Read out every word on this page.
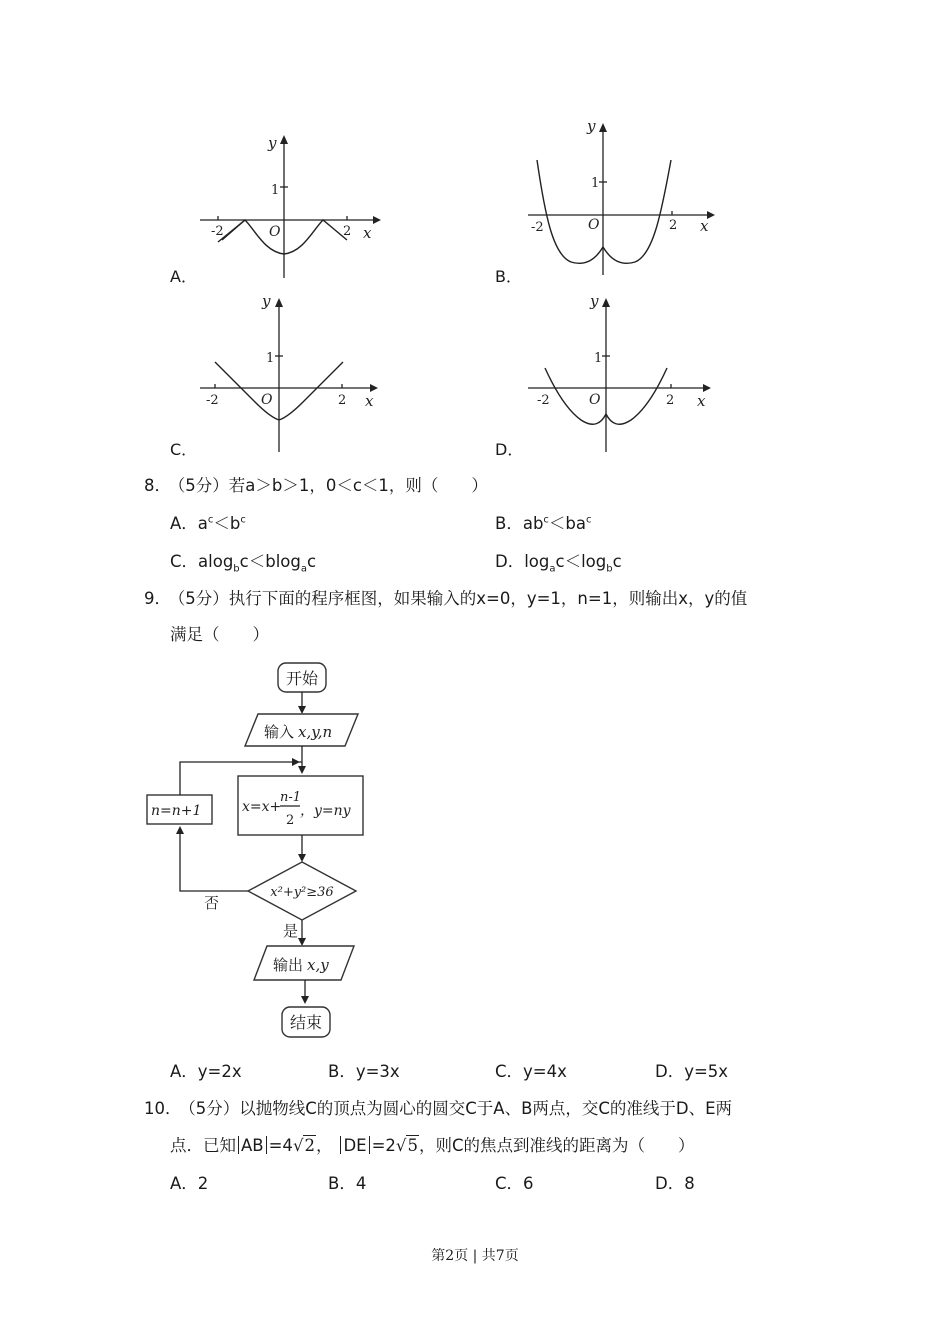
y
1
-2	O	2 x
A．
y
1
-2	O	2 x
B．
y
1
-2	O	2 x
C．
y
1
-2	O	2 x
D．
8． （5分）若a＞b＞1，0＜c＜1，则（　　）
A．$a^c<b^c$	B．$ab^c<ba^c$
C．alog$_b$c＜blog$_a$c	D．$\log_ac<\log_bc$
9． （5分）执行下面的程序框图，如果输入的x=0，y=1，n=1，则输出x，y的值
满足（　　）
开始
输入 x,y,n
x=x+
n-1
2
，y=ny
n=n+1
x²+y²≥36
否
是
输出 x,y
结束
A．y=2x	B．y=3x	C．y=4x	D．y=5x
10． （5分）以抛物线C的顶点为圆心的圆交C于A、B两点，交C的准线于D、E两
点．已知 AB =4√2， DE =2√5，则C的焦点到准线的距离为（　　）
A．2	B．4	C．6	D．8
第2页 | 共7页
